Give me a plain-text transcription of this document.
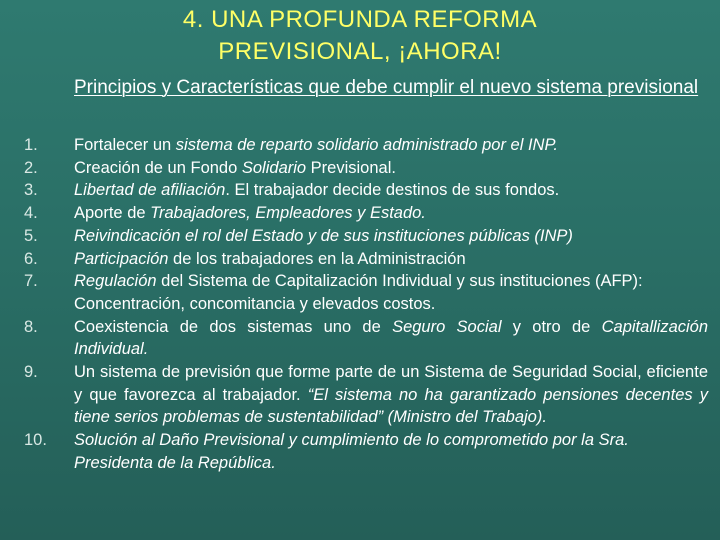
4. UNA PROFUNDA REFORMA
PREVISIONAL, ¡AHORA!
Principios y Características que debe cumplir el nuevo sistema previsional
1.	Fortalecer un sistema de reparto solidario administrado por el INP.
2.	Creación de un Fondo Solidario Previsional.
3.	Libertad de afiliación. El trabajador decide destinos de sus fondos.
4.	Aporte de Trabajadores, Empleadores y Estado.
5.	Reivindicación el rol del Estado y de sus instituciones públicas (INP)
6.	Participación de los trabajadores en la Administración
7.	Regulación del Sistema de Capitalización Individual y sus instituciones (AFP): Concentración, concomitancia y elevados costos.
8.	Coexistencia de dos sistemas uno de Seguro Social y otro de Capitallización Individual.
9.	Un sistema de previsión que forme parte de un Sistema de Seguridad Social, eficiente y que favorezca al trabajador. “El sistema no ha garantizado pensiones decentes y tiene serios problemas de sustentabilidad” (Ministro del Trabajo).
10.	Solución al Daño Previsional y cumplimiento de lo comprometido por la Sra. Presidenta de la República.
